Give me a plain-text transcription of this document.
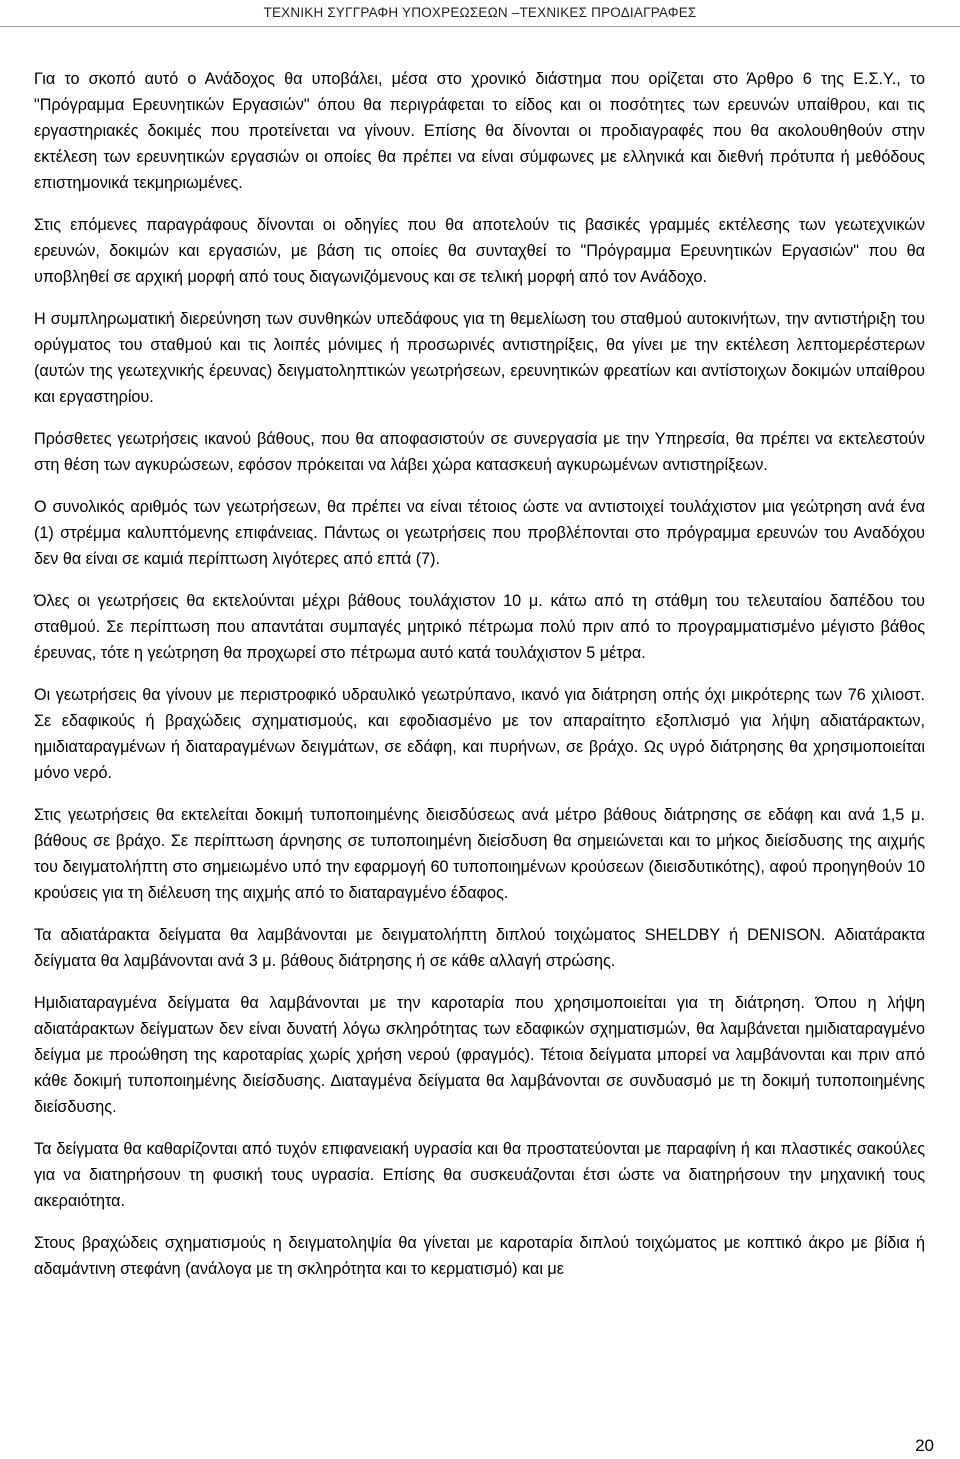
ΤΕΧΝΙΚΗ ΣΥΓΓΡΑΦΗ ΥΠΟΧΡΕΩΣΕΩΝ –ΤΕΧΝΙΚΕΣ ΠΡΟΔΙΑΓΡΑΦΕΣ

Για το σκοπό αυτό ο Ανάδοχος θα υποβάλει, μέσα στο χρονικό διάστημα που ορίζεται στο Άρθρο 6 της Ε.Σ.Υ., το "Πρόγραμμα Ερευνητικών Εργασιών" όπου θα περιγράφεται το είδος και οι ποσότητες των ερευνών υπαίθρου, και τις εργαστηριακές δοκιμές που προτείνεται να γίνουν. Επίσης θα δίνονται οι προδιαγραφές που θα ακολουθηθούν στην εκτέλεση των ερευνητικών εργασιών οι οποίες θα πρέπει να είναι σύμφωνες με ελληνικά και διεθνή πρότυπα ή μεθόδους επιστημονικά τεκμηριωμένες.

Στις επόμενες παραγράφους δίνονται οι οδηγίες που θα αποτελούν τις βασικές γραμμές εκτέλεσης των γεωτεχνικών ερευνών, δοκιμών και εργασιών, με βάση τις οποίες θα συνταχθεί το "Πρόγραμμα Ερευνητικών Εργασιών" που θα υποβληθεί σε αρχική μορφή από τους διαγωνιζόμενους και σε τελική μορφή από τον Ανάδοχο.

Η συμπληρωματική διερεύνηση των συνθηκών υπεδάφους για τη θεμελίωση του σταθμού αυτοκινήτων, την αντιστήριξη του ορύγματος του σταθμού και τις λοιπές μόνιμες ή προσωρινές αντιστηρίξεις, θα γίνει με την εκτέλεση λεπτομερέστερων (αυτών της γεωτεχνικής έρευνας) δειγματοληπτικών γεωτρήσεων, ερευνητικών φρεατίων και αντίστοιχων δοκιμών υπαίθρου και εργαστηρίου.

Πρόσθετες γεωτρήσεις ικανού βάθους, που θα αποφασιστούν σε συνεργασία με την Υπηρεσία, θα πρέπει να εκτελεστούν στη θέση των αγκυρώσεων, εφόσον πρόκειται να λάβει χώρα κατασκευή αγκυρωμένων αντιστηρίξεων.

Ο συνολικός αριθμός των γεωτρήσεων, θα πρέπει να είναι τέτοιος ώστε να αντιστοιχεί τουλάχιστον μια γεώτρηση ανά ένα (1) στρέμμα καλυπτόμενης επιφάνειας. Πάντως οι γεωτρήσεις που προβλέπονται στο πρόγραμμα ερευνών του Αναδόχου δεν θα είναι σε καμιά περίπτωση λιγότερες από επτά (7).

Όλες οι γεωτρήσεις θα εκτελούνται μέχρι βάθους τουλάχιστον 10 μ. κάτω από τη στάθμη του τελευταίου δαπέδου του σταθμού. Σε περίπτωση που απαντάται συμπαγές μητρικό πέτρωμα πολύ πριν από το προγραμματισμένο μέγιστο βάθος έρευνας, τότε η γεώτρηση θα προχωρεί στο πέτρωμα αυτό κατά τουλάχιστον 5 μέτρα.

Οι γεωτρήσεις θα γίνουν με περιστροφικό υδραυλικό γεωτρύπανο, ικανό για διάτρηση οπής όχι μικρότερης των 76 χιλιοστ. Σε εδαφικούς ή βραχώδεις σχηματισμούς, και εφοδιασμένο με τον απαραίτητο εξοπλισμό για λήψη αδιατάρακτων, ημιδιαταραγμένων ή διαταραγμένων δειγμάτων, σε εδάφη, και πυρήνων, σε βράχο. Ως υγρό διάτρησης θα χρησιμοποιείται μόνο νερό.

Στις γεωτρήσεις θα εκτελείται δοκιμή τυποποιημένης διεισδύσεως ανά μέτρο βάθους διάτρησης σε εδάφη και ανά 1,5 μ. βάθους σε βράχο. Σε περίπτωση άρνησης σε τυποποιημένη διείσδυση θα σημειώνεται και το μήκος διείσδυσης της αιχμής του δειγματολήπτη στο σημειωμένο υπό την εφαρμογή 60 τυποποιημένων κρούσεων (διεισδυτικότης), αφού προηγηθούν 10 κρούσεις για τη διέλευση της αιχμής από το διαταραγμένο έδαφος.

Τα αδιατάρακτα δείγματα θα λαμβάνονται με δειγματολήπτη διπλού τοιχώματος SHELDBY ή DENISON. Αδιατάρακτα δείγματα θα λαμβάνονται ανά 3 μ. βάθους διάτρησης ή σε κάθε αλλαγή στρώσης.

Ημιδιαταραγμένα δείγματα θα λαμβάνονται με την καροταρία που χρησιμοποιείται για τη διάτρηση. Όπου η λήψη αδιατάρακτων δείγματων δεν είναι δυνατή λόγω σκληρότητας των εδαφικών σχηματισμών, θα λαμβάνεται ημιδιαταραγμένο δείγμα με προώθηση της καροταρίας χωρίς χρήση νερού (φραγμός). Τέτοια δείγματα μπορεί να λαμβάνονται και πριν από κάθε δοκιμή τυποποιημένης διείσδυσης. Διαταγμένα δείγματα θα λαμβάνονται σε συνδυασμό με τη δοκιμή τυποποιημένης διείσδυσης.

Τα δείγματα θα καθαρίζονται από τυχόν επιφανειακή υγρασία και θα προστατεύονται με παραφίνη ή και πλαστικές σακούλες για να διατηρήσουν τη φυσική τους υγρασία. Επίσης θα συσκευάζονται έτσι ώστε να διατηρήσουν την μηχανική τους ακεραιότητα.

Στους βραχώδεις σχηματισμούς η δειγματοληψία θα γίνεται με καροταρία διπλού τοιχώματος με κοπτικό άκρο με βίδια ή αδαμάντινη στεφάνη (ανάλογα με τη σκληρότητα και το κερματισμό) και με

20
